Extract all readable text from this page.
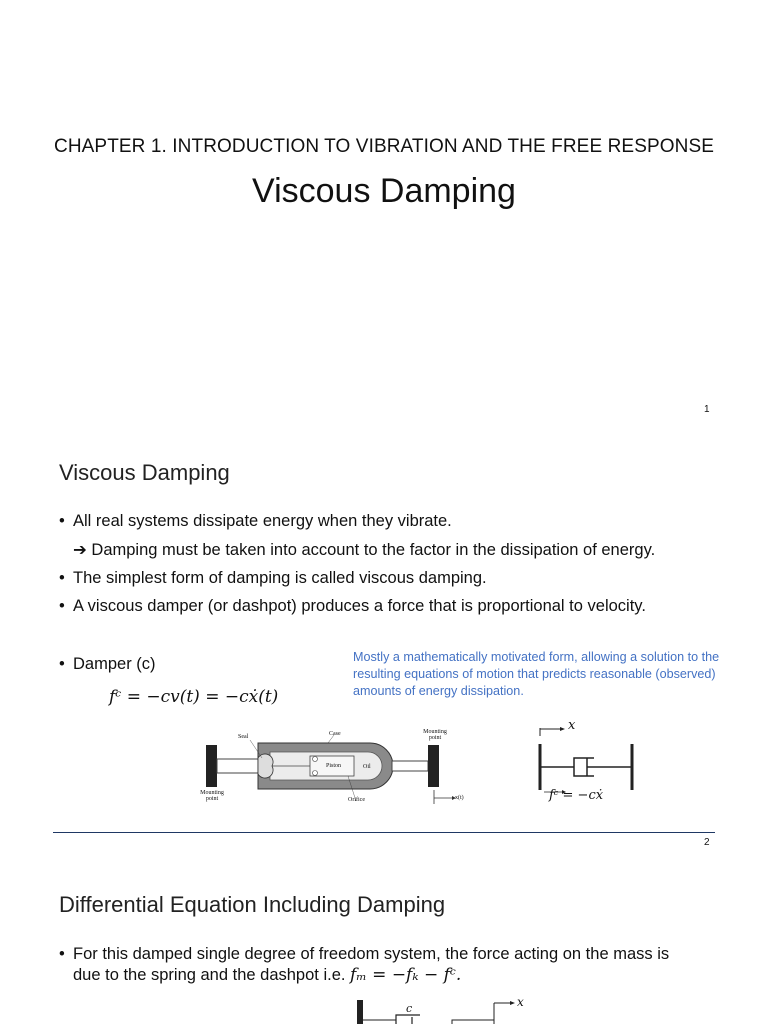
CHAPTER 1. INTRODUCTION TO VIBRATION AND THE FREE RESPONSE
Viscous Damping
1
Viscous Damping
• All real systems dissipate energy when they vibrate.
➔ Damping must be taken into account to the factor in the dissipation of energy.
• The simplest form of damping is called viscous damping.
• A viscous damper (or dashpot) produces a force that is proportional to velocity.
• Damper (c)
fᶜ = −cv(t) = −cẋ(t)
Mostly a mathematically motivated form, allowing a solution to the resulting equations of motion that predicts reasonable (observed) amounts of energy dissipation.
Seal	Case
Piston	Oil
Orifice
Mounting point
Mounting point
x(t)
x
fᶜ = −cẋ
2
Differential Equation Including Damping
• For this damped single degree of freedom system, the force acting on the mass is
due to the spring and the dashpot i.e. fₘ = −fₖ − fᶜ.
c	x
